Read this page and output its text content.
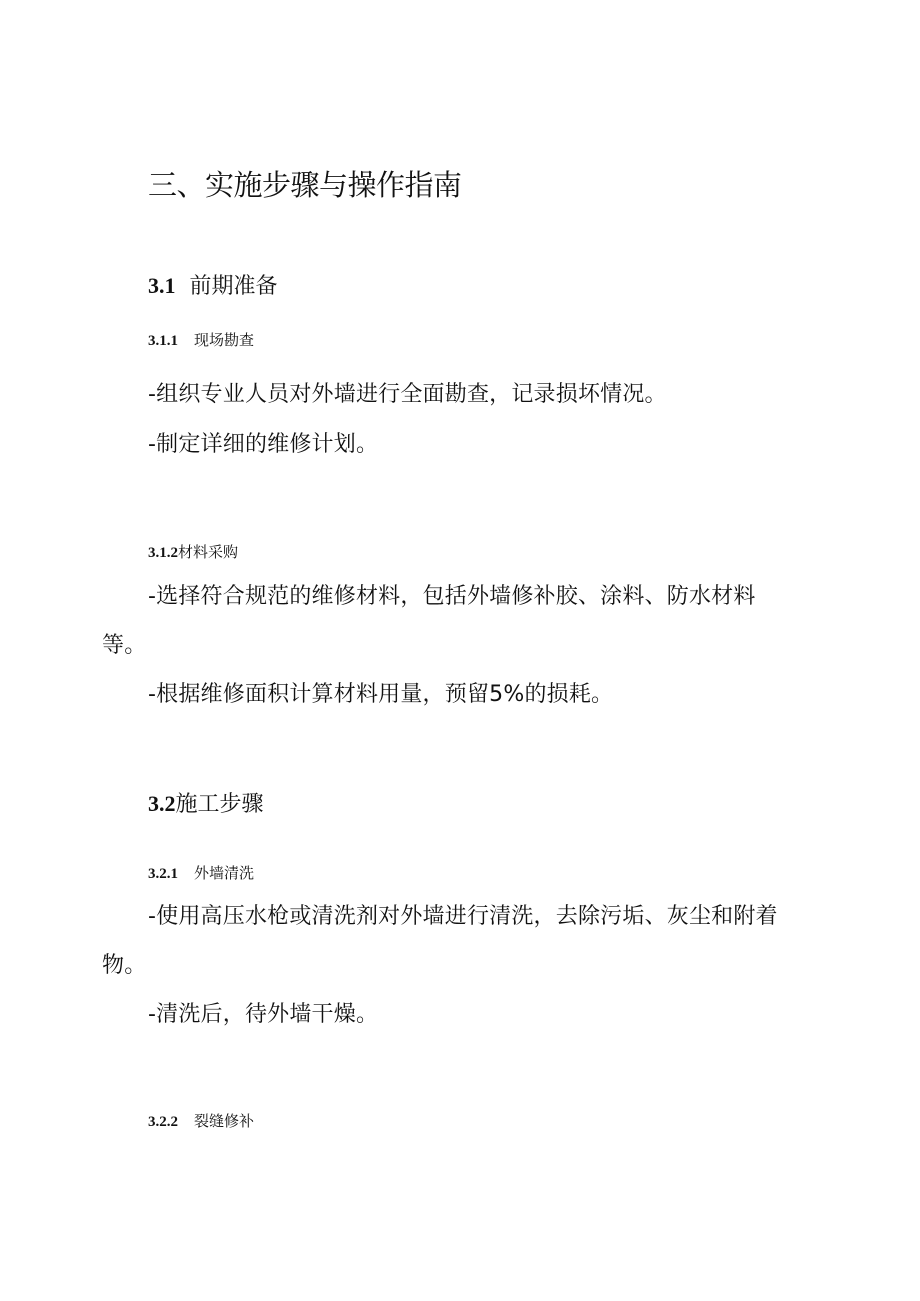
三、实施步骤与操作指南
3.1 前期准备
3.1.1 现场勘查

-组织专业人员对外墙进行全面勘查，记录损坏情况。

-制定详细的维修计划。

3.1.2材料采购

-选择符合规范的维修材料，包括外墙修补胶、涂料、防水材料

等。

-根据维修面积计算材料用量，预留5%的损耗。

3.2施工步骤
3.2.1 外墙清洗

-使用高压水枪或清洗剂对外墙进行清洗，去除污垢、灰尘和附着

物。

-清洗后，待外墙干燥。

3.2.2 裂缝修补
